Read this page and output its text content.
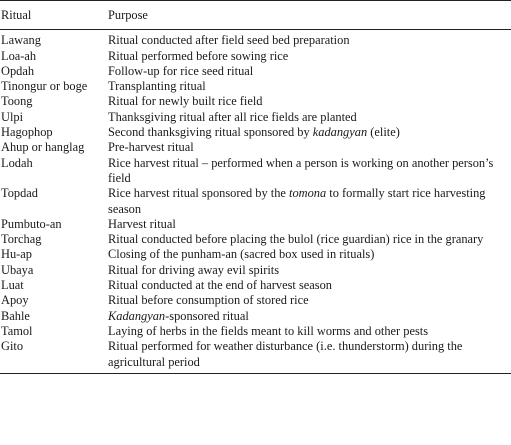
Ritual	Purpose
Lawang	Ritual conducted after field seed bed preparation
Loa-ah	Ritual performed before sowing rice
Opdah	Follow-up for rice seed ritual
Tinongur or boge	Transplanting ritual
Toong	Ritual for newly built rice field
Ulpi	Thanksgiving ritual after all rice fields are planted
Hagophop	Second thanksgiving ritual sponsored by kadangyan (elite)
Ahup or hanglag	Pre-harvest ritual
Lodah	Rice harvest ritual – performed when a person is working on another person’s field
Topdad	Rice harvest ritual sponsored by the tomona to formally start rice harvesting season
Pumbuto-an	Harvest ritual
Torchag	Ritual conducted before placing the bulol (rice guardian) rice in the granary
Hu-ap	Closing of the punham-an (sacred box used in rituals)
Ubaya	Ritual for driving away evil spirits
Luat	Ritual conducted at the end of harvest season
Apoy	Ritual before consumption of stored rice
Bahle	Kadangyan-sponsored ritual
Tamol	Laying of herbs in the fields meant to kill worms and other pests
Gito	Ritual performed for weather disturbance (i.e. thunderstorm) during the agricultural period
